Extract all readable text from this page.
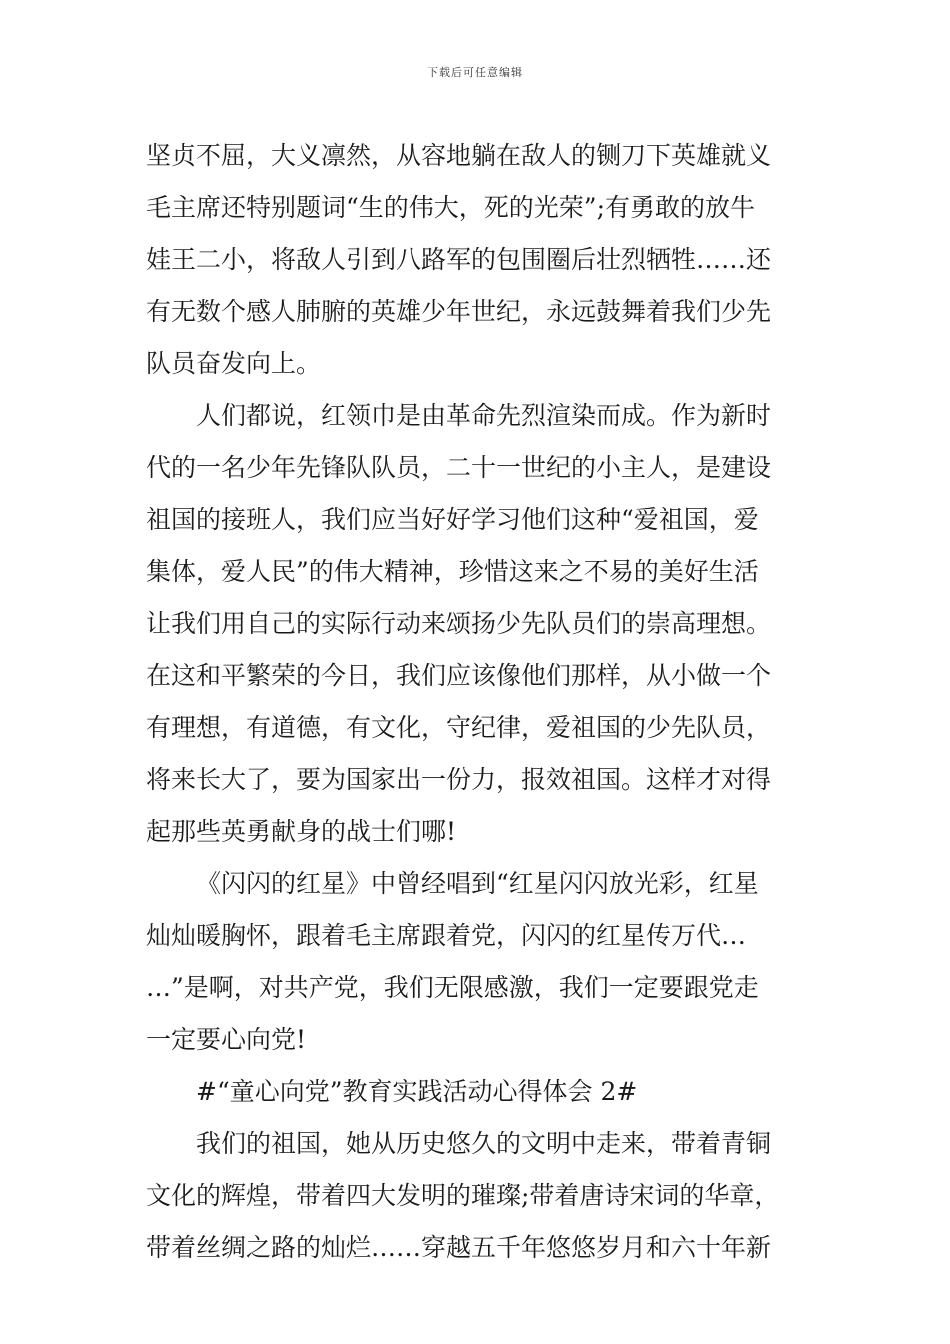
下载后可任意编辑
坚贞不屈，大义凛然，从容地躺在敌人的铡刀下英雄就义
毛主席还特别题词“生的伟大，死的光荣”;有勇敢的放牛
娃王二小，将敌人引到八路军的包围圈后壮烈牺牲……还
有无数个感人肺腑的英雄少年世纪，永远鼓舞着我们少先
队员奋发向上。
人们都说，红领巾是由革命先烈渲染而成。作为新时
代的一名少年先锋队队员，二十一世纪的小主人，是建设
祖国的接班人，我们应当好好学习他们这种“爱祖国，爱
集体，爱人民”的伟大精神，珍惜这来之不易的美好生活
让我们用自己的实际行动来颂扬少先队员们的崇高理想。
在这和平繁荣的今日，我们应该像他们那样，从小做一个
有理想，有道德，有文化，守纪律，爱祖国的少先队员，
将来长大了，要为国家出一份力，报效祖国。这样才对得
起那些英勇献身的战士们哪!
《闪闪的红星》中曾经唱到“红星闪闪放光彩，红星
灿灿暖胸怀，跟着毛主席跟着党，闪闪的红星传万代…
…”是啊，对共产党，我们无限感激，我们一定要跟党走
一定要心向党!
#“童心向党”教育实践活动心得体会 2#
我们的祖国，她从历史悠久的文明中走来，带着青铜
文化的辉煌，带着四大发明的璀璨;带着唐诗宋词的华章，
带着丝绸之路的灿烂……穿越五千年悠悠岁月和六十年新
